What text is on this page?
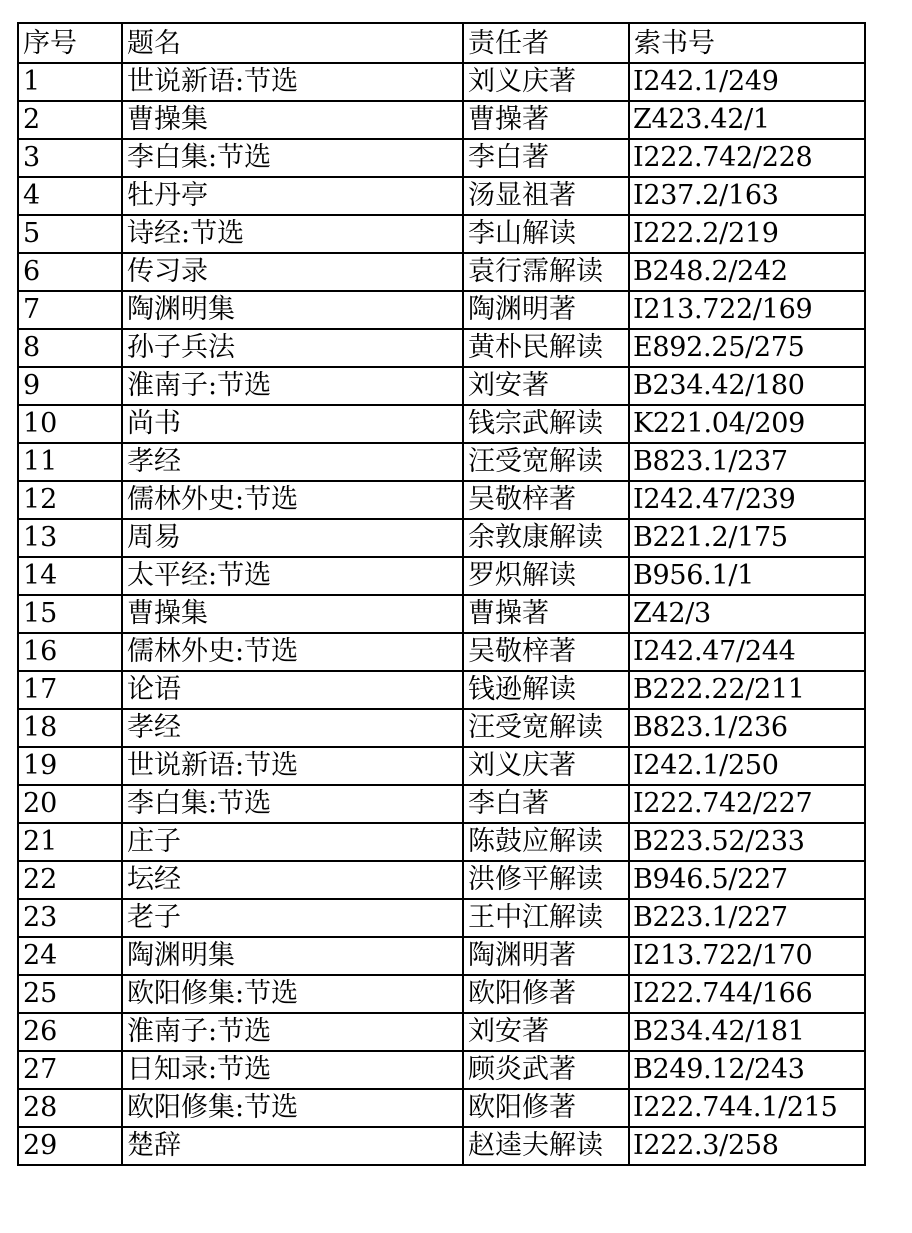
序号	题名	责任者	索书号
1	世说新语:节选	刘义庆著	I242.1/249
2	曹操集	曹操著	Z423.42/1
3	李白集:节选	李白著	I222.742/228
4	牡丹亭	汤显祖著	I237.2/163
5	诗经:节选	李山解读	I222.2/219
6	传习录	袁行霈解读	B248.2/242
7	陶渊明集	陶渊明著	I213.722/169
8	孙子兵法	黄朴民解读	E892.25/275
9	淮南子:节选	刘安著	B234.42/180
10	尚书	钱宗武解读	K221.04/209
11	孝经	汪受宽解读	B823.1/237
12	儒林外史:节选	吴敬梓著	I242.47/239
13	周易	余敦康解读	B221.2/175
14	太平经:节选	罗炽解读	B956.1/1
15	曹操集	曹操著	Z42/3
16	儒林外史:节选	吴敬梓著	I242.47/244
17	论语	钱逊解读	B222.22/211
18	孝经	汪受宽解读	B823.1/236
19	世说新语:节选	刘义庆著	I242.1/250
20	李白集:节选	李白著	I222.742/227
21	庄子	陈鼓应解读	B223.52/233
22	坛经	洪修平解读	B946.5/227
23	老子	王中江解读	B223.1/227
24	陶渊明集	陶渊明著	I213.722/170
25	欧阳修集:节选	欧阳修著	I222.744/166
26	淮南子:节选	刘安著	B234.42/181
27	日知录:节选	顾炎武著	B249.12/243
28	欧阳修集:节选	欧阳修著	I222.744.1/215
29	楚辞	赵逵夫解读	I222.3/258
